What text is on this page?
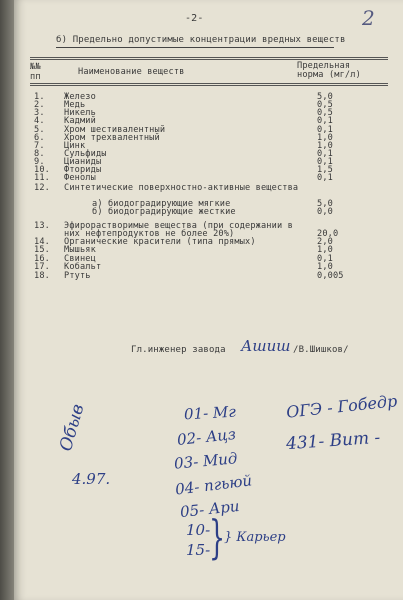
-2-	2
б) Предельно допустимые концентрации вредных веществ
№№
пп	Наименование веществ
Предельная
норма (мг/л)
1. Железо	5,0
2. Медь	0,5
3. Никель	0,5
4. Кадмий	0,1
5. Хром шестивалентный	0,1
6. Хром трехвалентный	1,0
7. Цинк	1,0
8. Сульфиды	0,1
9. Цианиды	0,1
10. Фториды	1,5
11. Фенолы	0,1
12. Синтетические поверхностно-активные вещества
а) биодоградирующие мягкие	5,0
б) биодоградирующие жесткие	0,0
13. Эфирорастворимые вещества (при содержании в
них нефтепродуктов не более 20%)	20,0
14. Органические красители (типа прямых)	2,0
15. Мышьяк	1,0
16. Свинец	0,1
17. Кобальт	1,0
18. Ртуть	0,005
Гл.инженер завода Ашиш /В.Шишков/
Обыв
4.97.
01- Мг
02- Ацз
03- Мид
04- пгьюй
05- Ари
10-
15-
}
} Карьер
ОГЭ - Гобедр
431- Вит -
